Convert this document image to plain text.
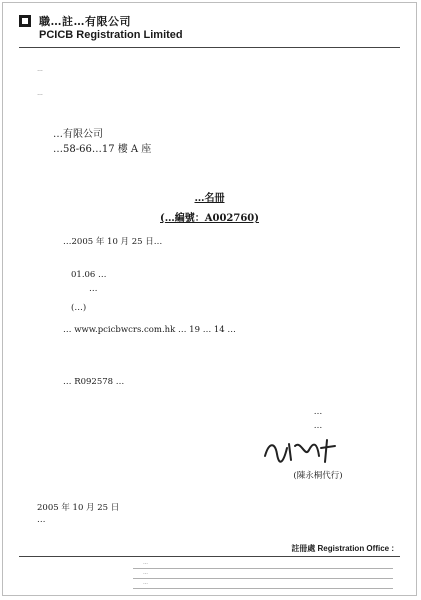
職…註…有限公司
PCICB Registration Limited
…
…
…有限公司
…58-66…17 樓 A 座
…名冊
(…編號：A002760)
…2005 年 10 月 25 日…
01.06 …
…
(…)
… www.pcicbwcrs.com.hk … 19 … 14 …
… R092578 …
…
…
(陳永桐代行)
2005 年 10 月 25 日
…
註冊處 Registration Office :
…
…
…
